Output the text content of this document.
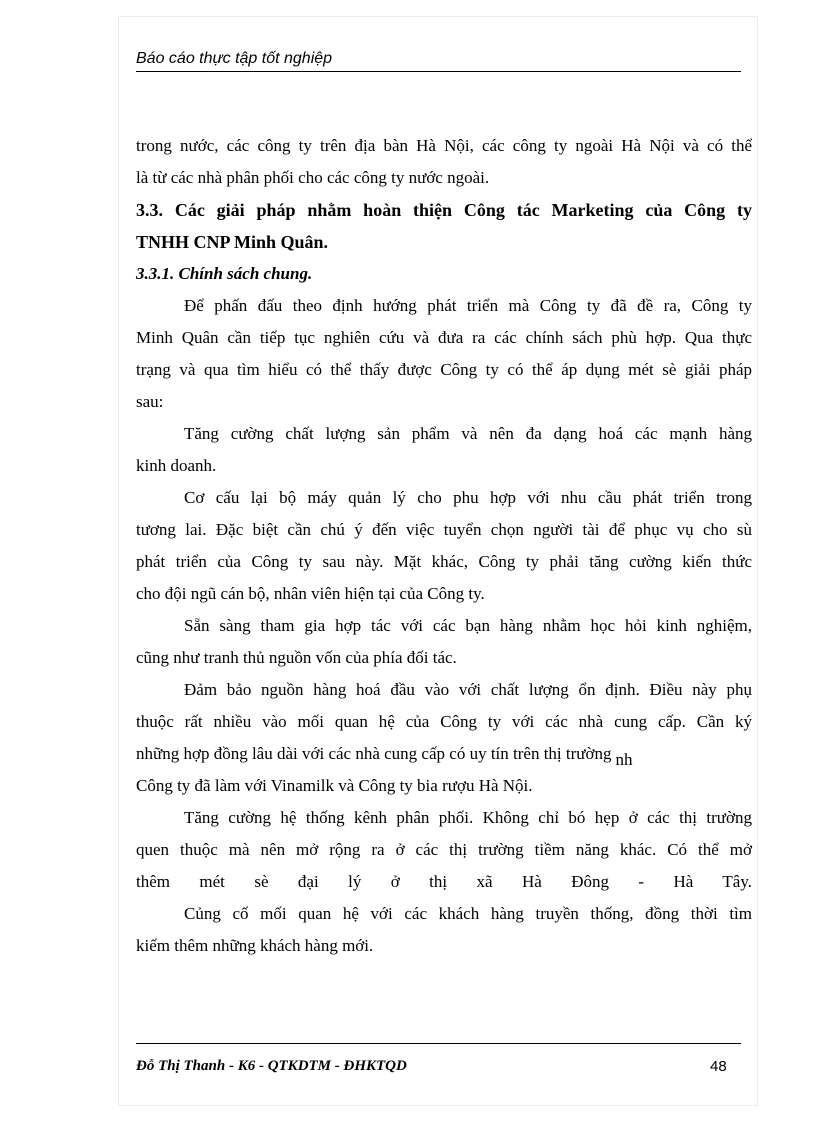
Báo cáo thực tập tốt nghiệp
trong nước, các công ty trên địa bàn Hà Nội, các công ty ngoài Hà Nội và có thể
là từ các nhà phân phối cho các công ty nước ngoài.
3.3. Các giải pháp nhằm hoàn thiện Công tác Marketing của Công ty
TNHH CNP Minh Quân.
3.3.1. Chính sách chung.
Để phấn đấu theo định hướng phát triển mà Công ty đã đề ra, Công ty
Minh Quân cần tiếp tục nghiên cứu và đưa ra các chính sách phù hợp. Qua thực
trạng và qua tìm hiểu có thể thấy được Công ty có thể áp dụng mét sè giải pháp
sau:
Tăng cường chất lượng sản phẩm và nên đa dạng hoá các mạnh hàng
kinh doanh.
Cơ cấu lại bộ máy quản lý cho phu hợp với nhu cầu phát triển trong
tương lai. Đặc biệt cần chú ý đến việc tuyển chọn người tài để phục vụ cho sù
phát triển của Công ty sau này. Mặt khác, Công ty phải tăng cường kiến thức
cho đội ngũ cán bộ, nhân viên hiện tại của Công ty.
Sẵn sàng tham gia hợp tác với các bạn hàng nhằm học hỏi kinh nghiệm,
cũng như tranh thủ nguồn vốn của phía đối tác.
Đảm bảo nguồn hàng hoá đầu vào với chất lượng ổn định. Điều này phụ
thuộc rất nhiều vào mối quan hệ của Công ty với các nhà cung cấp. Cần ký
những hợp đồng lâu dài với các nhà cung cấp có uy tín trên thị trường nh
Công ty đã làm với Vinamilk và Công ty bia rượu Hà Nội.
Tăng cường hệ thống kênh phân phối. Không chỉ bó hẹp ở các thị trường
quen thuộc mà nên mở rộng ra ở các thị trường tiềm năng khác. Có thể mở
thêm mét sè đại lý ở thị xã Hà Đông - Hà Tây.
Củng cố mối quan hệ với các khách hàng truyền thống, đồng thời tìm
kiếm thêm những khách hàng mới.
Đỗ Thị Thanh - K6 - QTKDTM - ĐHKTQD	48
